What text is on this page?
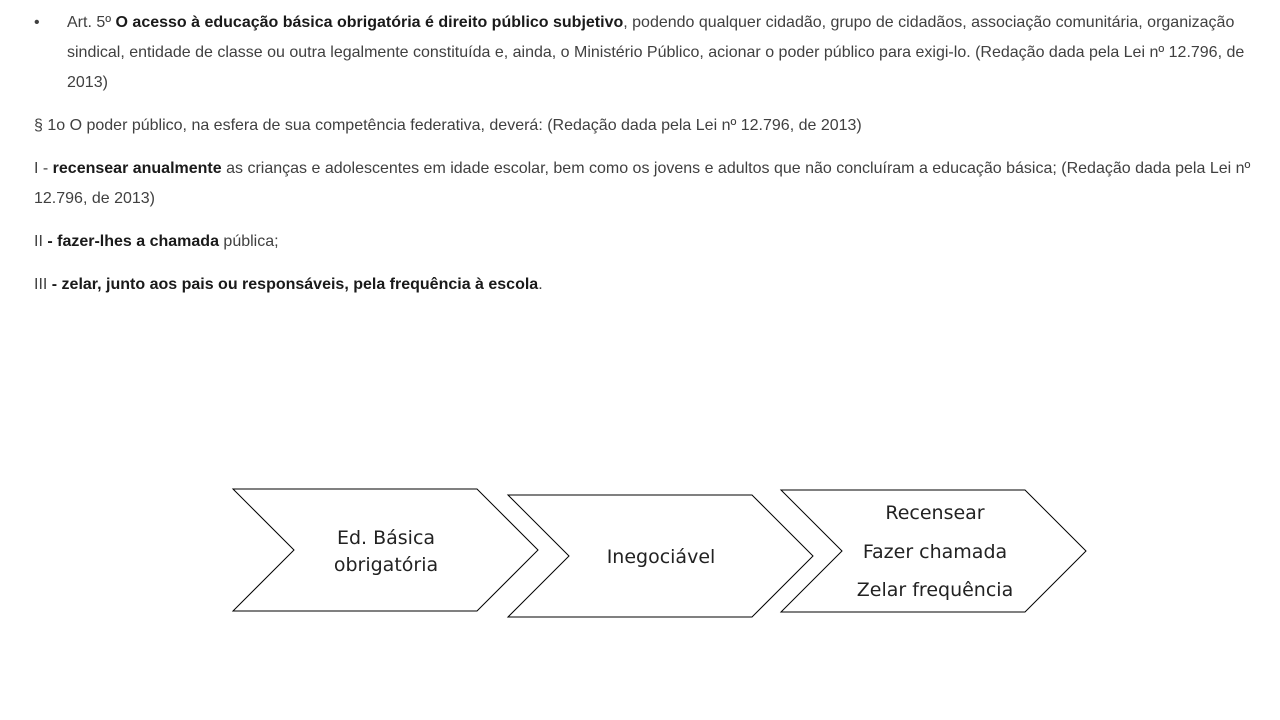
• Art. 5º O acesso à educação básica obrigatória é direito público subjetivo, podendo qualquer cidadão, grupo de cidadãos, associação comunitária, organização sindical, entidade de classe ou outra legalmente constituída e, ainda, o Ministério Público, acionar o poder público para exigi-lo. (Redação dada pela Lei nº 12.796, de 2013)

§ 1o O poder público, na esfera de sua competência federativa, deverá: (Redação dada pela Lei nº 12.796, de 2013)

I - recensear anualmente as crianças e adolescentes em idade escolar, bem como os jovens e adultos que não concluíram a educação básica; (Redação dada pela Lei nº 12.796, de 2013)

II - fazer-lhes a chamada pública;

III - zelar, junto aos pais ou responsáveis, pela frequência à escola.

Ed. Básica
obrigatória	Inegociável
Recensear
Fazer chamada
Zelar frequência
